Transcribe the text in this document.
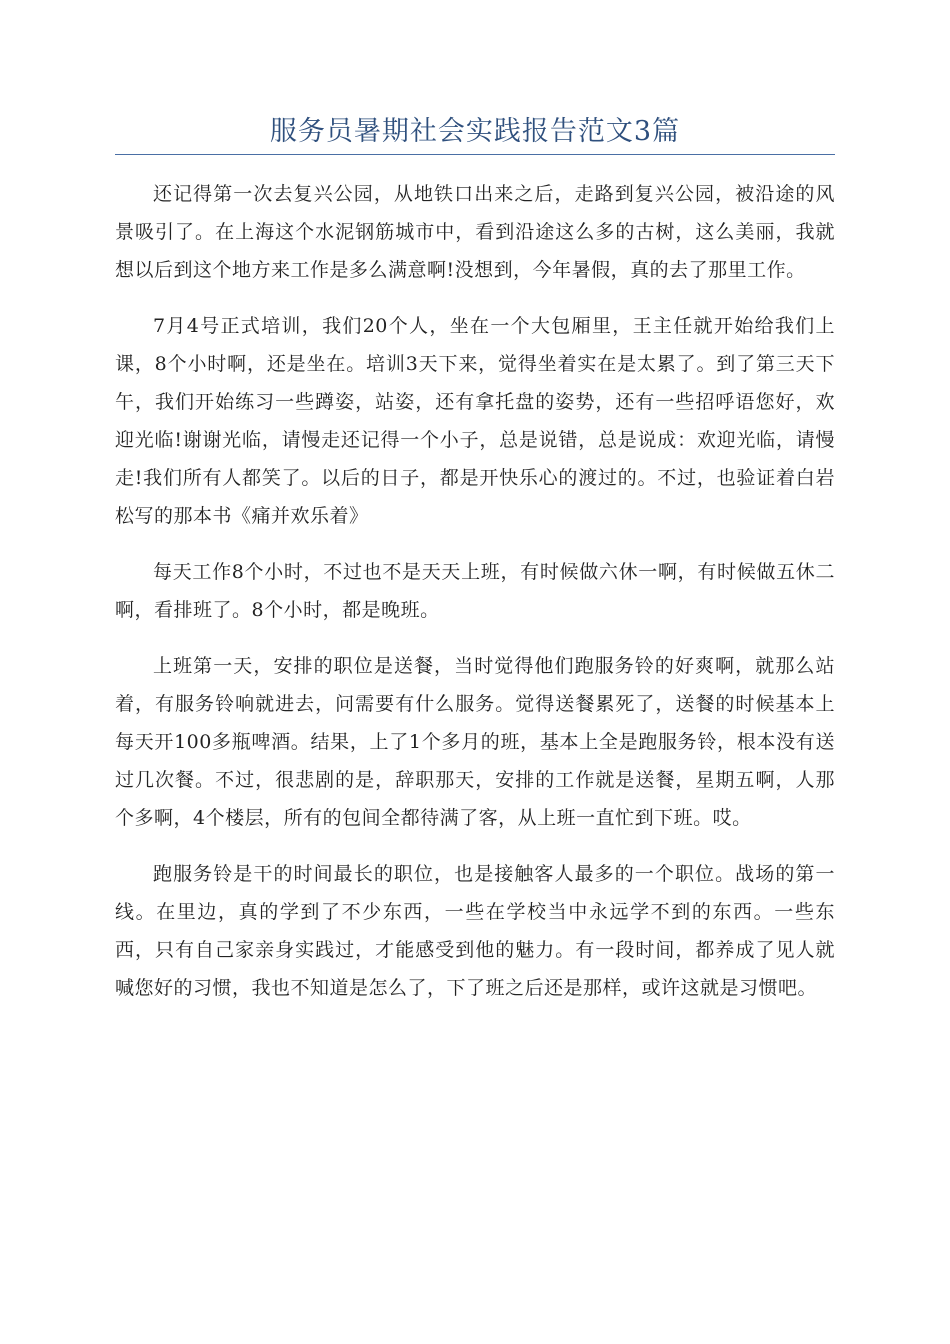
服务员暑期社会实践报告范文3篇

还记得第一次去复兴公园，从地铁口出来之后，走路到复兴公园，被沿途的风景吸引了。在上海这个水泥钢筋城市中，看到沿途这么多的古树，这么美丽，我就想以后到这个地方来工作是多么满意啊!没想到，今年暑假，真的去了那里工作。

7月4号正式培训，我们20个人，坐在一个大包厢里，王主任就开始给我们上课，8个小时啊，还是坐在。培训3天下来，觉得坐着实在是太累了。到了第三天下午，我们开始练习一些蹲姿，站姿，还有拿托盘的姿势，还有一些招呼语您好，欢迎光临!谢谢光临，请慢走还记得一个小子，总是说错，总是说成：欢迎光临，请慢走!我们所有人都笑了。以后的日子，都是开快乐心的渡过的。不过，也验证着白岩松写的那本书《痛并欢乐着》

每天工作8个小时，不过也不是天天上班，有时候做六休一啊，有时候做五休二啊，看排班了。8个小时，都是晚班。

上班第一天，安排的职位是送餐，当时觉得他们跑服务铃的好爽啊，就那么站着，有服务铃响就进去，问需要有什么服务。觉得送餐累死了，送餐的时候基本上每天开100多瓶啤酒。结果，上了1个多月的班，基本上全是跑服务铃，根本没有送过几次餐。不过，很悲剧的是，辞职那天，安排的工作就是送餐，星期五啊，人那个多啊，4个楼层，所有的包间全都待满了客，从上班一直忙到下班。哎。

跑服务铃是干的时间最长的职位，也是接触客人最多的一个职位。战场的第一线。在里边，真的学到了不少东西，一些在学校当中永远学不到的东西。一些东西，只有自己家亲身实践过，才能感受到他的魅力。有一段时间，都养成了见人就喊您好的习惯，我也不知道是怎么了，下了班之后还是那样，或许这就是习惯吧。
